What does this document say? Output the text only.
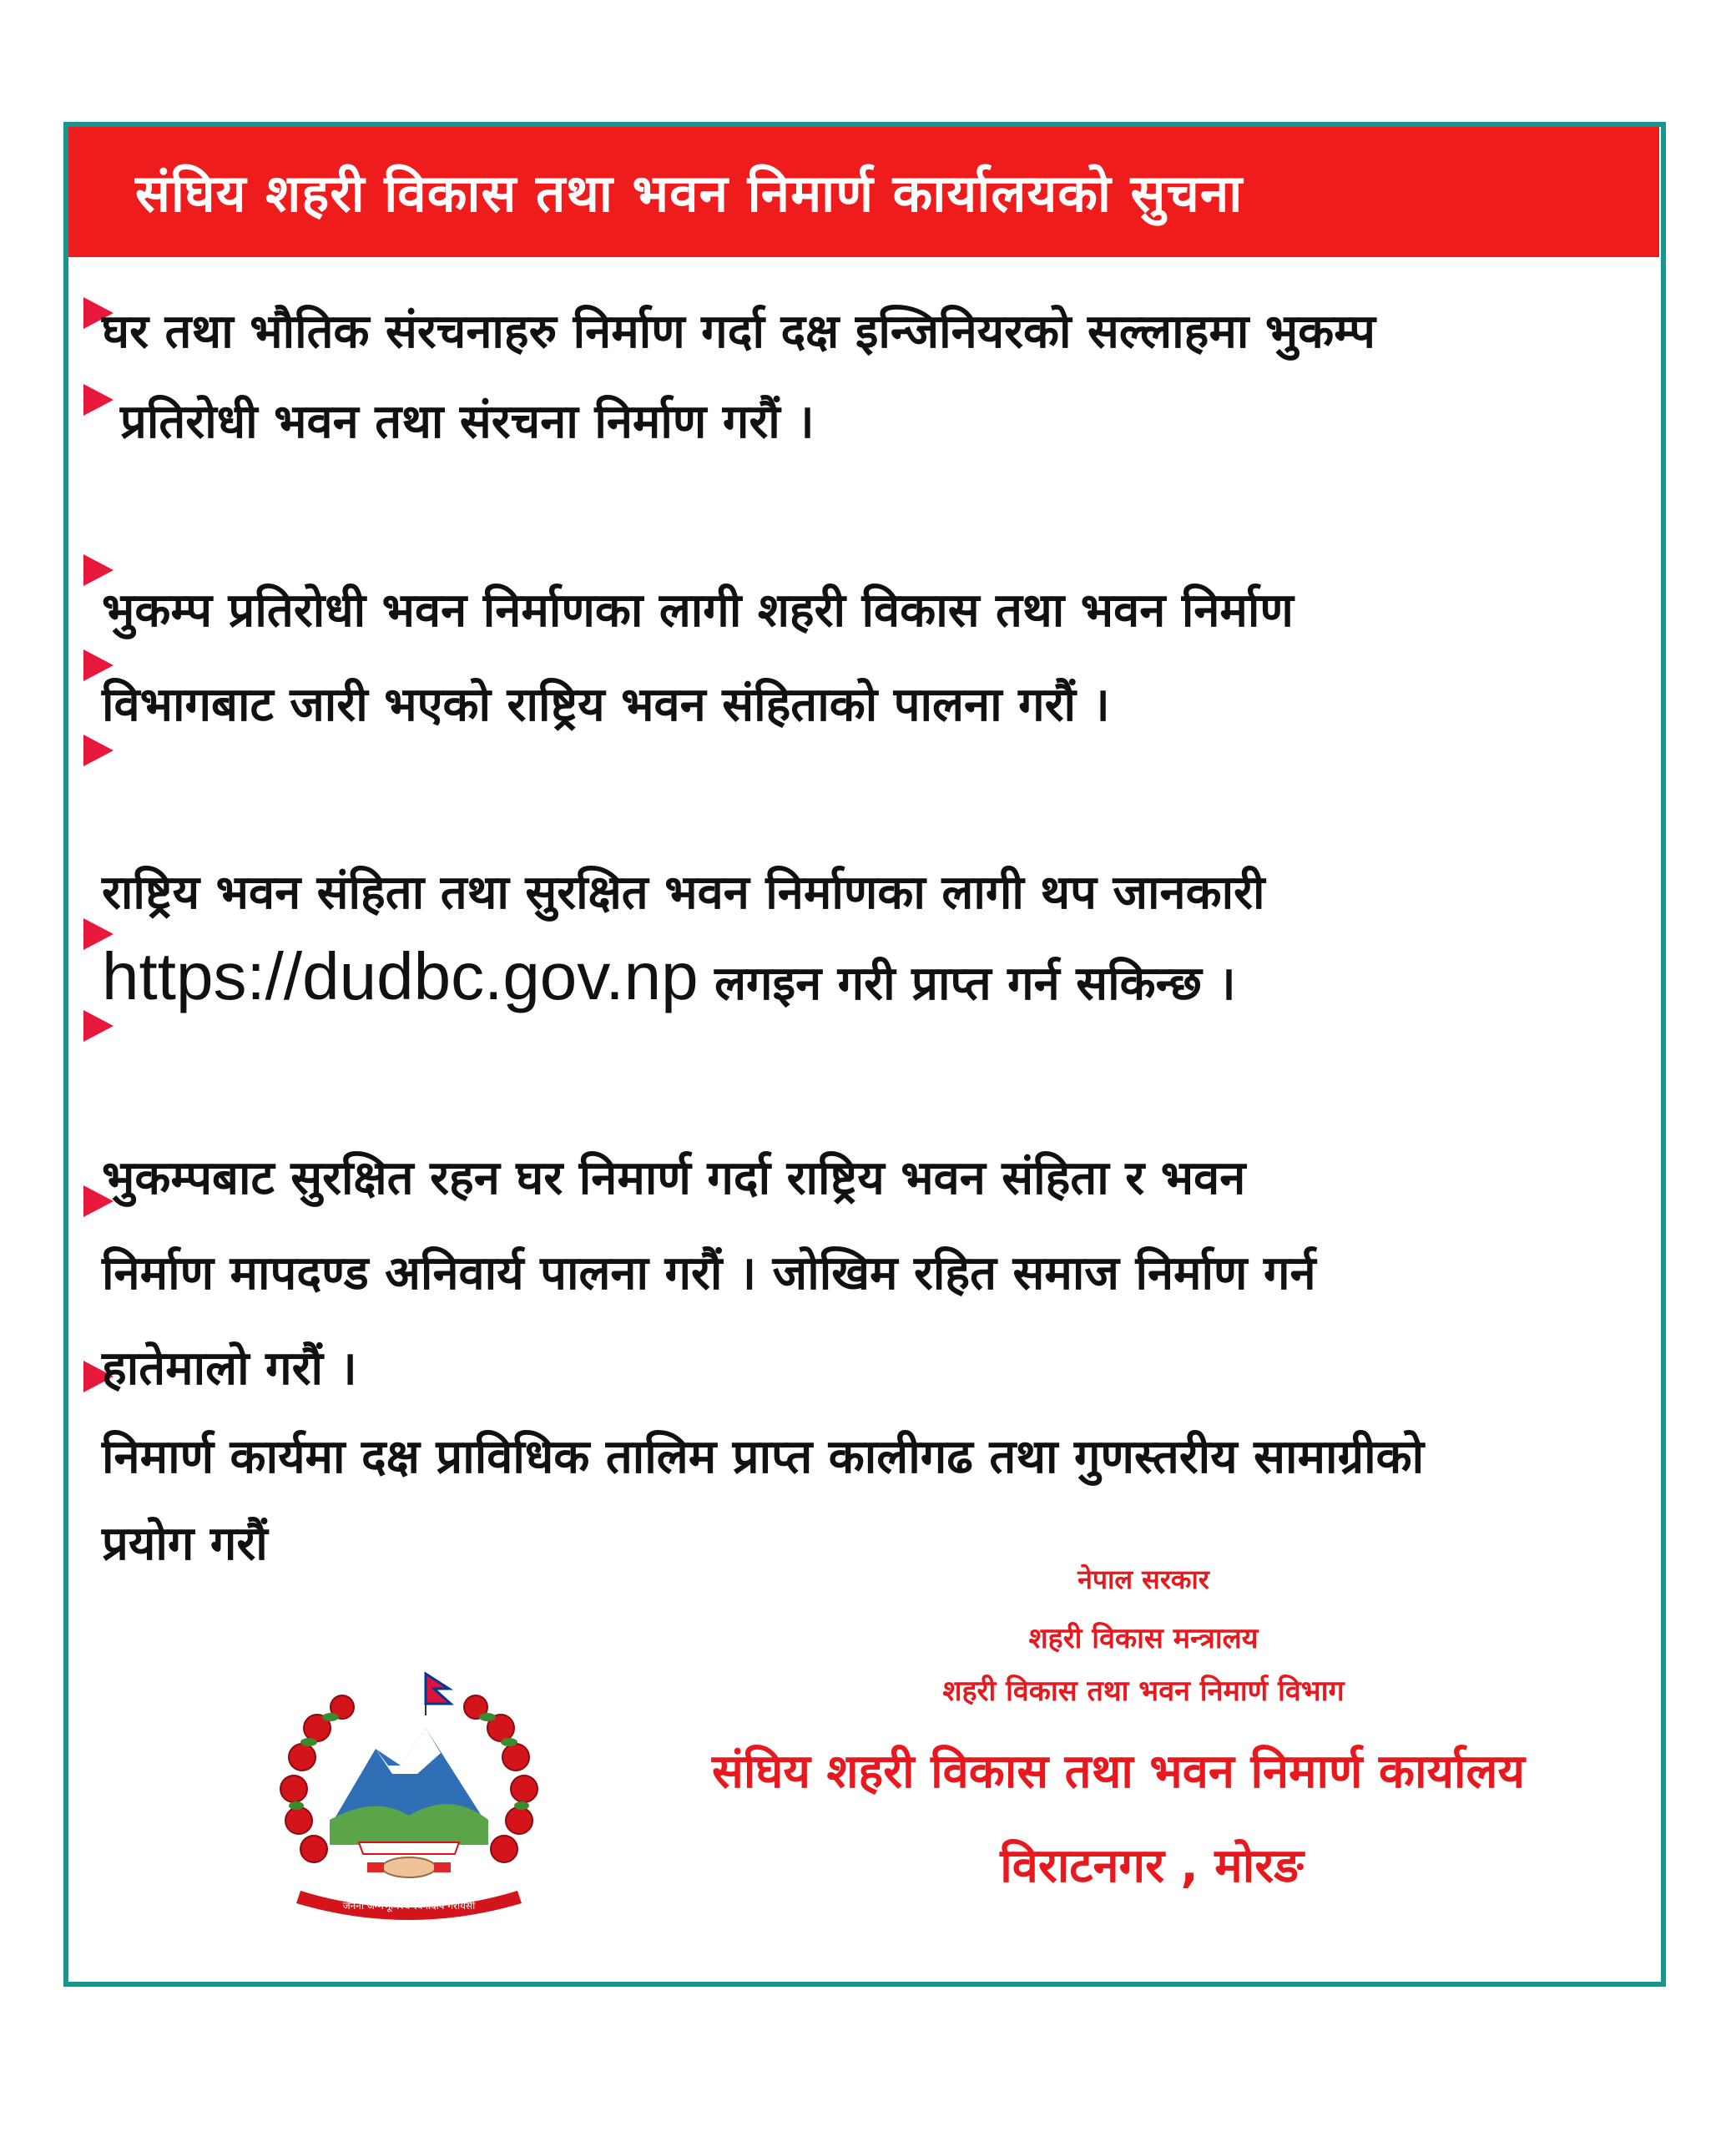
संघिय शहरी विकास तथा भवन निमार्ण कार्यालयको सुचना
घर तथा भौतिक संरचनाहरु निर्माण गर्दा दक्ष इन्जिनियरको सल्लाहमा भुकम्प
प्रतिरोधी भवन तथा संरचना निर्माण गरौं ।
भुकम्प प्रतिरोधी भवन निर्माणका लागी शहरी विकास तथा भवन निर्माण
विभागबाट जारी भएको राष्ट्रिय भवन संहिताको पालना गरौं ।
राष्ट्रिय भवन संहिता तथा सुरक्षित भवन निर्माणका लागी थप जानकारी
https://dudbc.gov.np लगइन गरी प्राप्त गर्न सकिन्छ ।
भुकम्पबाट सुरक्षित रहन घर निमार्ण गर्दा राष्ट्रिय भवन संहिता र भवन
निर्माण मापदण्ड अनिवार्य पालना गरौं । जोखिम रहित समाज निर्माण गर्न
हातेमालो गरौं ।
निमार्ण कार्यमा दक्ष प्राविधिक तालिम प्राप्त कालीगढ तथा गुणस्तरीय सामाग्रीको
प्रयोग गरौं
नेपाल सरकार
शहरी विकास मन्त्रालय
शहरी विकास तथा भवन निमार्ण विभाग
संघिय शहरी विकास तथा भवन निमार्ण कार्यालय
विराटनगर , मोरङ
जननी जन्मभूमिश्च स्वर्गादपि गरीयसी
